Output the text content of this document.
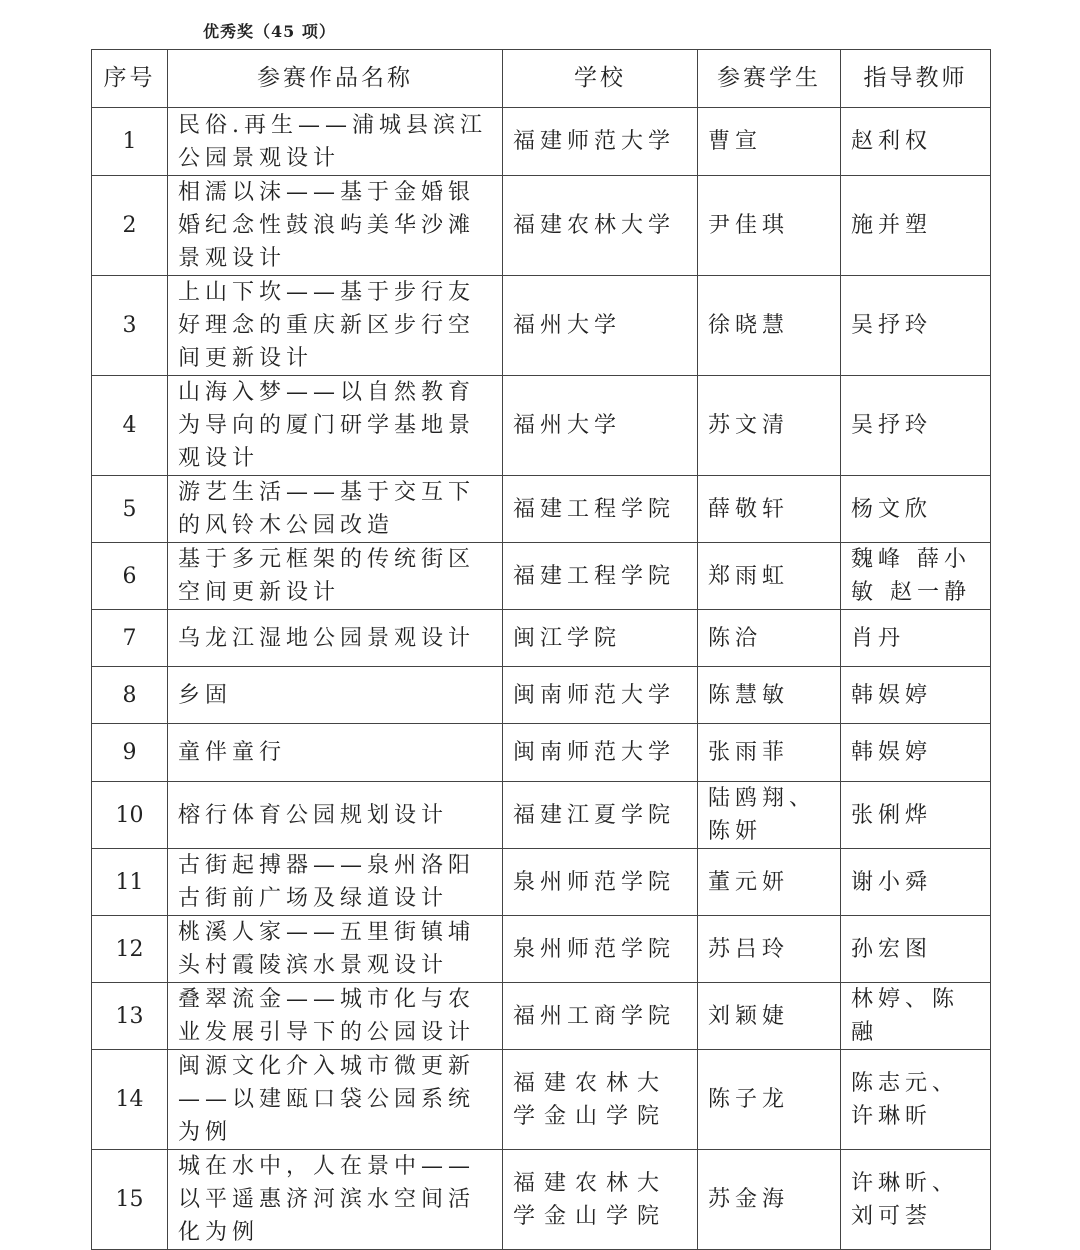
优秀奖（45 项）
序号	参赛作品名称	学校	参赛学生	指导教师
1	民俗.再生——浦城县滨江公园景观设计	福建师范大学	曹宣	赵利权
2	相濡以沫——基于金婚银婚纪念性鼓浪屿美华沙滩景观设计	福建农林大学	尹佳琪	施并塑
3	上山下坎——基于步行友好理念的重庆新区步行空间更新设计	福州大学	徐晓慧	吴抒玲
4	山海入梦——以自然教育为导向的厦门研学基地景观设计	福州大学	苏文清	吴抒玲
5	游艺生活——基于交互下的风铃木公园改造	福建工程学院	薛敬轩	杨文欣
6	基于多元框架的传统街区空间更新设计	福建工程学院	郑雨虹	魏峰 薛小敏 赵一静
7	乌龙江湿地公园景观设计	闽江学院	陈洽	肖丹
8	乡固	闽南师范大学	陈慧敏	韩娱婷
9	童伴童行	闽南师范大学	张雨菲	韩娱婷
10	榕行体育公园规划设计	福建江夏学院	陆鸥翔、陈妍	张俐烨
11	古街起搏器——泉州洛阳古街前广场及绿道设计	泉州师范学院	董元妍	谢小舜
12	桃溪人家——五里街镇埔头村霞陵滨水景观设计	泉州师范学院	苏吕玲	孙宏图
13	叠翠流金——城市化与农业发展引导下的公园设计	福州工商学院	刘颖婕	林婷、陈融
14	闽源文化介入城市微更新——以建瓯口袋公园系统为例	福建农林大学金山学院	陈子龙	陈志元、许琳昕
15	城在水中，人在景中——以平遥惠济河滨水空间活化为例	福建农林大学金山学院	苏金海	许琳昕、刘可荟
